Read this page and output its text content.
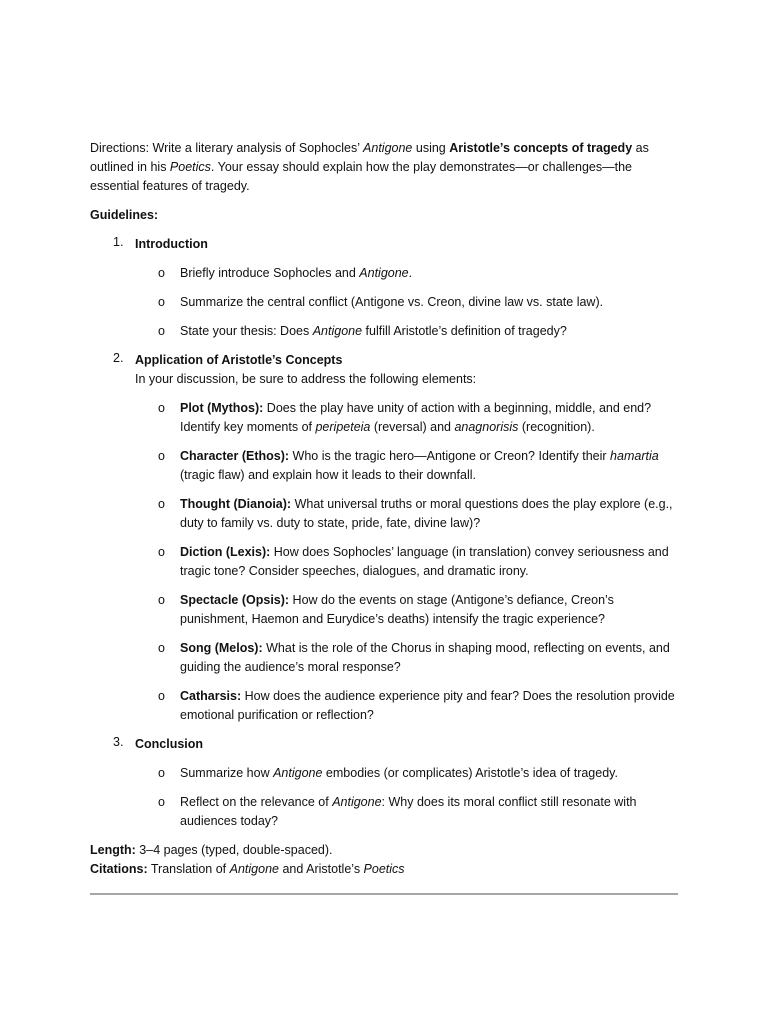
Directions: Write a literary analysis of Sophocles’ Antigone using Aristotle’s concepts of tragedy as outlined in his Poetics. Your essay should explain how the play demonstrates—or challenges—the essential features of tragedy.

Guidelines:

1. Introduction

o Briefly introduce Sophocles and Antigone.
o Summarize the central conflict (Antigone vs. Creon, divine law vs. state law).
o State your thesis: Does Antigone fulfill Aristotle’s definition of tragedy?
2. Application of Aristotle’s Concepts

In your discussion, be sure to address the following elements:

o Plot (Mythos): Does the play have unity of action with a beginning, middle, and end? Identify key moments of peripeteia (reversal) and anagnorisis (recognition).
o Character (Ethos): Who is the tragic hero—Antigone or Creon? Identify their hamartia (tragic flaw) and explain how it leads to their downfall.
o Thought (Dianoia): What universal truths or moral questions does the play explore (e.g., duty to family vs. duty to state, pride, fate, divine law)?
o Diction (Lexis): How does Sophocles’ language (in translation) convey seriousness and tragic tone? Consider speeches, dialogues, and dramatic irony.
o Spectacle (Opsis): How do the events on stage (Antigone’s defiance, Creon’s punishment, Haemon and Eurydice’s deaths) intensify the tragic experience?
o Song (Melos): What is the role of the Chorus in shaping mood, reflecting on events, and guiding the audience’s moral response?
o Catharsis: How does the audience experience pity and fear? Does the resolution provide emotional purification or reflection?
3. Conclusion

o Summarize how Antigone embodies (or complicates) Aristotle’s idea of tragedy.
o Reflect on the relevance of Antigone: Why does its moral conflict still resonate with audiences today?

Length: 3–4 pages (typed, double-spaced).

Citations: Translation of Antigone and Aristotle’s Poetics
